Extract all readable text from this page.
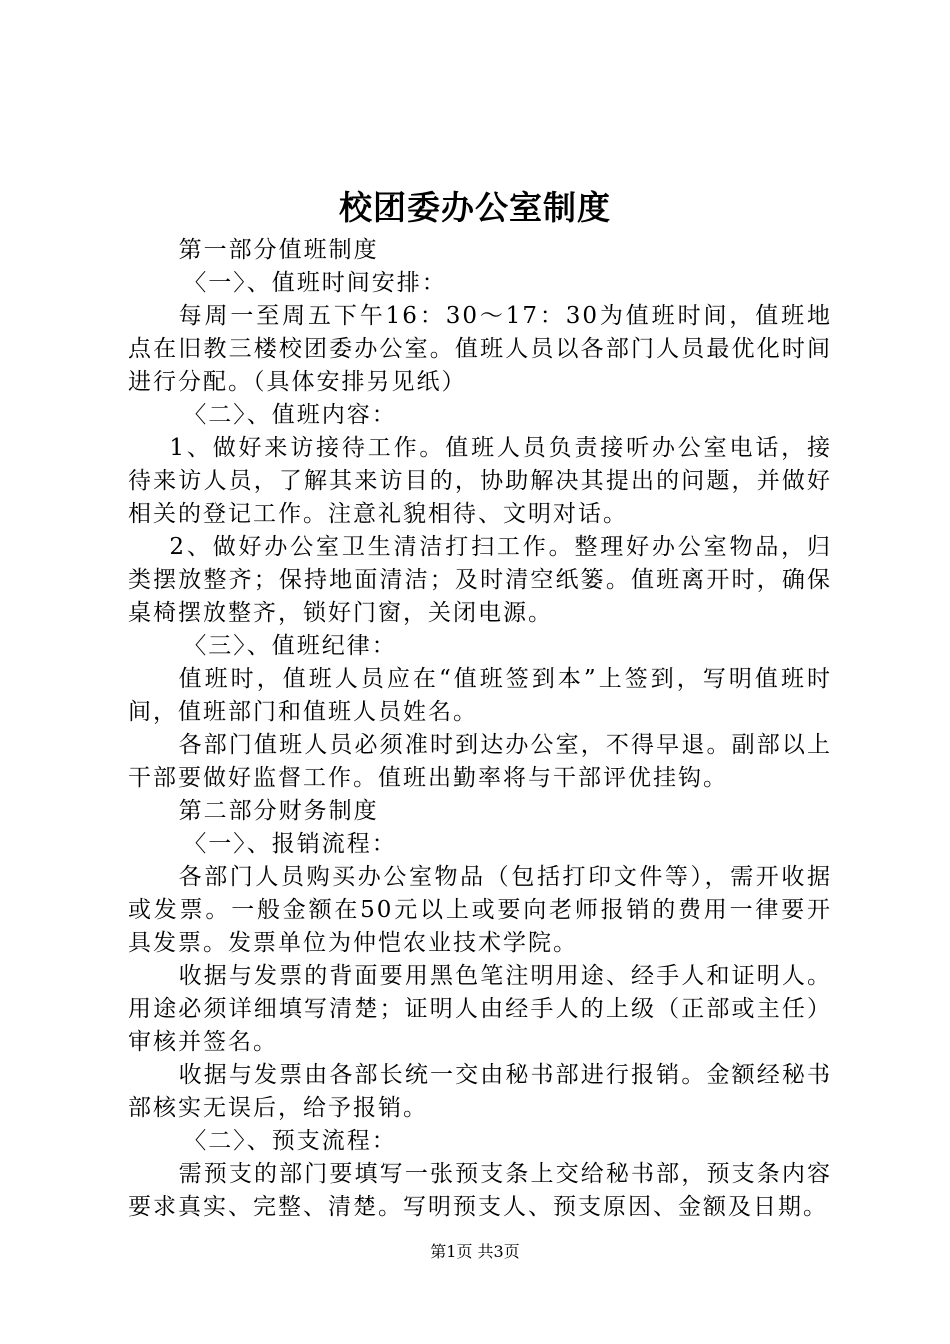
校团委办公室制度

第一部分值班制度

〈一〉、值班时间安排：

每周一至周五下午16：30～17：30为值班时间，值班地点在旧教三楼校团委办公室。值班人员以各部门人员最优化时间进行分配。（具体安排另见纸）

〈二〉、值班内容：

1、做好来访接待工作。值班人员负责接听办公室电话，接待来访人员，了解其来访目的，协助解决其提出的问题，并做好相关的登记工作。注意礼貌相待、文明对话。

2、做好办公室卫生清洁打扫工作。整理好办公室物品，归类摆放整齐；保持地面清洁；及时清空纸篓。值班离开时，确保桌椅摆放整齐，锁好门窗，关闭电源。

〈三〉、值班纪律：

值班时，值班人员应在“值班签到本”上签到，写明值班时间，值班部门和值班人员姓名。

各部门值班人员必须准时到达办公室，不得早退。副部以上干部要做好监督工作。值班出勤率将与干部评优挂钩。

第二部分财务制度

〈一〉、报销流程：

各部门人员购买办公室物品（包括打印文件等），需开收据或发票。一般金额在50元以上或要向老师报销的费用一律要开具发票。发票单位为仲恺农业技术学院。

收据与发票的背面要用黑色笔注明用途、经手人和证明人。用途必须详细填写清楚；证明人由经手人的上级（正部或主任）审核并签名。

收据与发票由各部长统一交由秘书部进行报销。金额经秘书部核实无误后，给予报销。

〈二〉、预支流程：

需预支的部门要填写一张预支条上交给秘书部，预支条内容要求真实、完整、清楚。写明预支人、预支原因、金额及日期。

第1页 共3页
